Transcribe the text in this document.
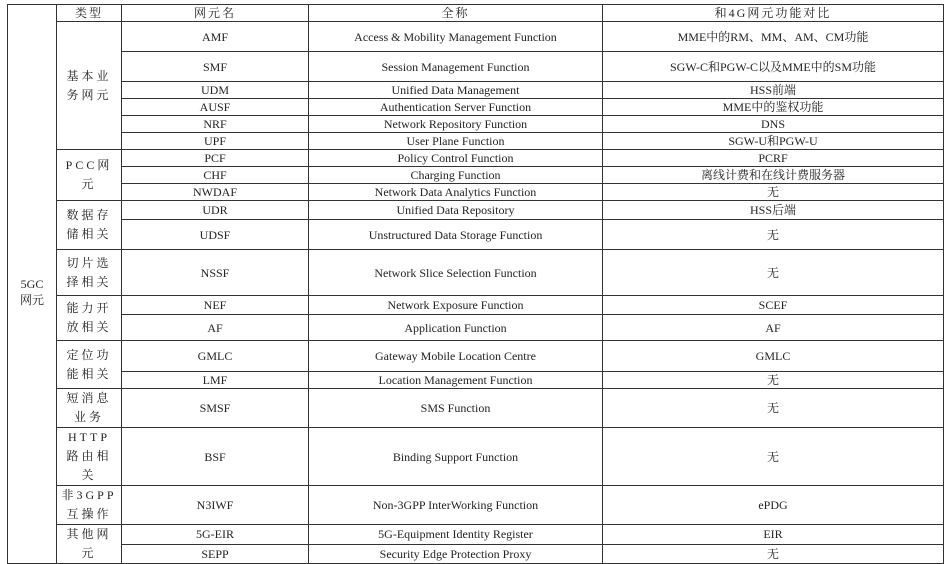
	类型	网元名	全称	和4G网元功能对比
5GC网元	基本业务网元	AMF	Access & Mobility Management Function	MME中的RM、MM、AM、CM功能
		SMF	Session Management Function	SGW-C和PGW-C以及MME中的SM功能
		UDM	Unified Data Management	HSS前端
		AUSF	Authentication Server Function	MME中的鉴权功能
		NRF	Network Repository Function	DNS
		UPF	User Plane Function	SGW-U和PGW-U
	PCC网元	PCF	Policy Control Function	PCRF
		CHF	Charging Function	离线计费和在线计费服务器
		NWDAF	Network Data Analytics Function	无
	数据存储相关	UDR	Unified Data Repository	HSS后端
		UDSF	Unstructured Data Storage Function	无
	切片选择相关	NSSF	Network Slice Selection Function	无
	能力开放相关	NEF	Network Exposure Function	SCEF
		AF	Application Function	AF
	定位功能相关	GMLC	Gateway Mobile Location Centre	GMLC
		LMF	Location Management Function	无
	短消息业务	SMSF	SMS Function	无
	HTTP路由相关	BSF	Binding Support Function	无
	非3GPP互操作	N3IWF	Non-3GPP InterWorking Function	ePDG
	其他网元	5G-EIR	5G-Equipment Identity Register	EIR
		SEPP	Security Edge Protection Proxy	无
